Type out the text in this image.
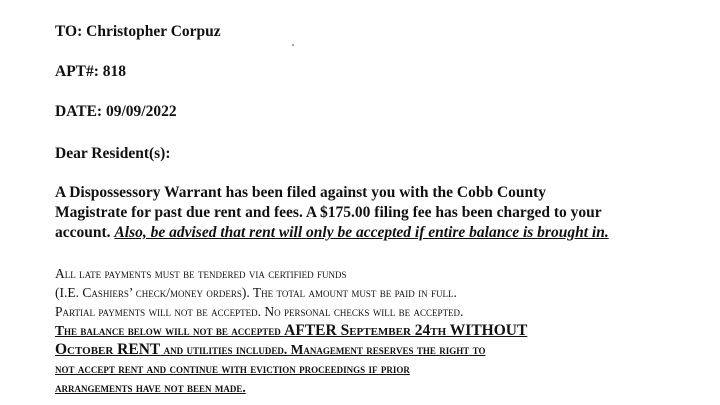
TO: Christopher Corpuz
APT#: 818
DATE: 09/09/2022
Dear Resident(s):
A Dispossessory Warrant has been filed against you with the Cobb County
Magistrate for past due rent and fees. A $175.00 filing fee has been charged to your
account. Also, be advised that rent will only be accepted if entire balance is brought in.
All late payments must be tendered via certified funds
(I.E. Cashiers’ check/money orders). The total amount must be paid in full.
Partial payments will not be accepted. No personal checks will be accepted.
The balance below will not be accepted AFTER September 24th WITHOUT
October RENT and utilities included. Management reserves the right to
not accept rent and continue with eviction proceedings if prior
arrangements have not been made.
